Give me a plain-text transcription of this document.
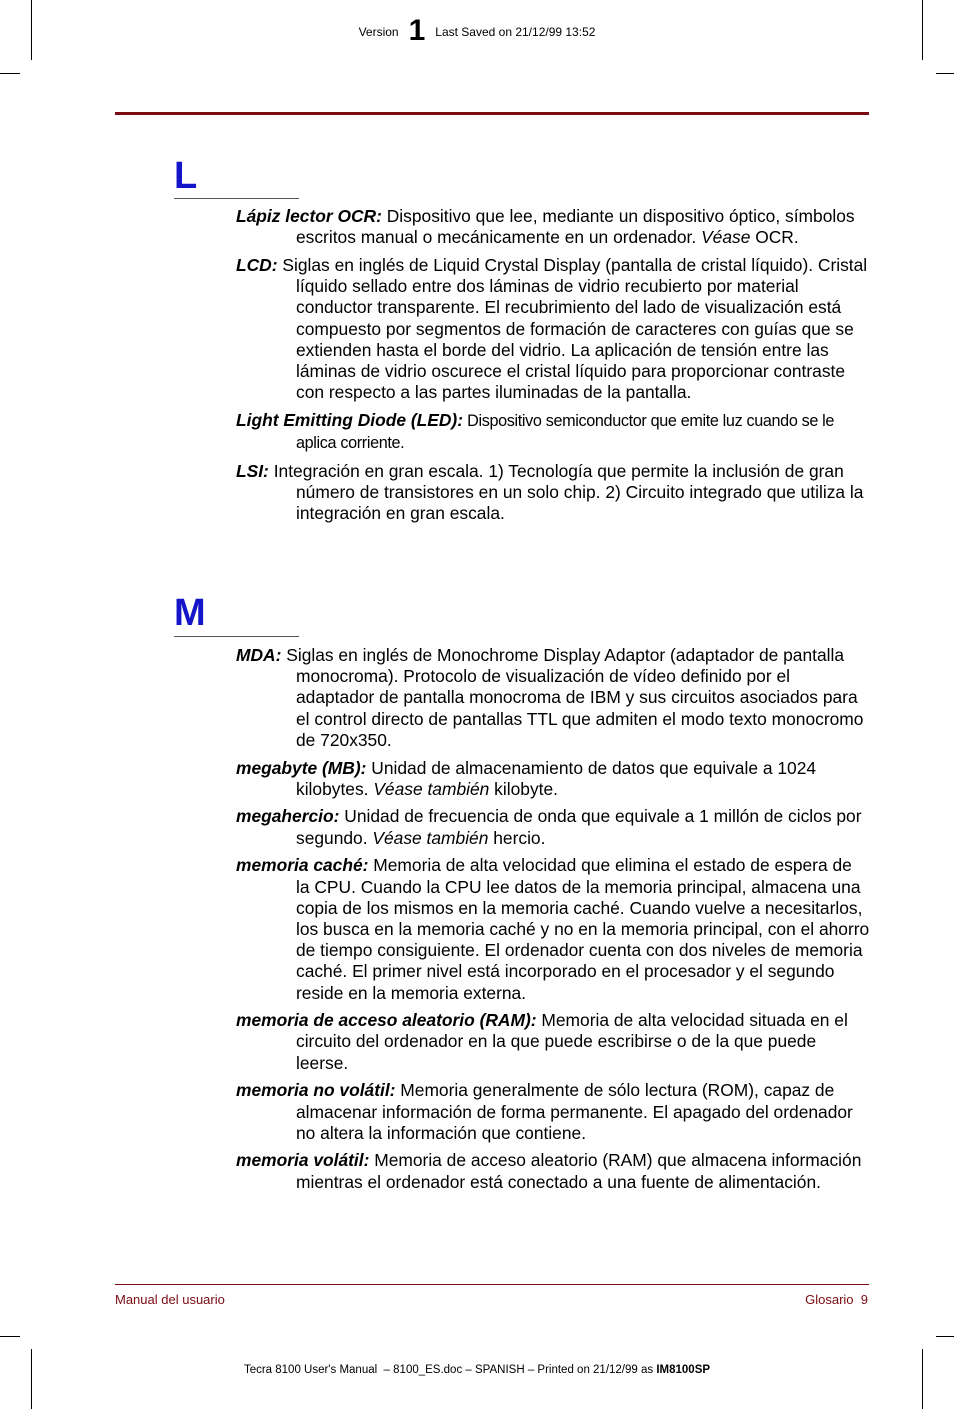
Version 1 Last Saved on 21/12/99 13:52
L

Lápiz lector OCR: Dispositivo que lee, mediante un dispositivo óptico, símbolos escritos manual o mecánicamente en un ordenador. Véase OCR.

LCD: Siglas en inglés de Liquid Crystal Display (pantalla de cristal líquido). Cristal líquido sellado entre dos láminas de vidrio recubierto por material conductor transparente. El recubrimiento del lado de visualización está compuesto por segmentos de formación de caracteres con guías que se extienden hasta el borde del vidrio. La aplicación de tensión entre las láminas de vidrio oscurece el cristal líquido para proporcionar contraste con respecto a las partes iluminadas de la pantalla.

Light Emitting Diode (LED): Dispositivo semiconductor que emite luz cuando se le aplica corriente.

LSI: Integración en gran escala. 1) Tecnología que permite la inclusión de gran número de transistores en un solo chip. 2) Circuito integrado que utiliza la integración en gran escala.

M

MDA: Siglas en inglés de Monochrome Display Adaptor (adaptador de pantalla monocroma). Protocolo de visualización de vídeo definido por el adaptador de pantalla monocroma de IBM y sus circuitos asociados para el control directo de pantallas TTL que admiten el modo texto monocromo de 720x350.

megabyte (MB): Unidad de almacenamiento de datos que equivale a 1024 kilobytes. Véase también kilobyte.

megahercio: Unidad de frecuencia de onda que equivale a 1 millón de ciclos por segundo. Véase también hercio.

memoria caché: Memoria de alta velocidad que elimina el estado de espera de la CPU. Cuando la CPU lee datos de la memoria principal, almacena una copia de los mismos en la memoria caché. Cuando vuelve a necesitarlos, los busca en la memoria caché y no en la memoria principal, con el ahorro de tiempo consiguiente. El ordenador cuenta con dos niveles de memoria caché. El primer nivel está incorporado en el procesador y el segundo reside en la memoria externa.

memoria de acceso aleatorio (RAM): Memoria de alta velocidad situada en el circuito del ordenador en la que puede escribirse o de la que puede leerse.

memoria no volátil: Memoria generalmente de sólo lectura (ROM), capaz de almacenar información de forma permanente. El apagado del ordenador no altera la información que contiene.

memoria volátil: Memoria de acceso aleatorio (RAM) que almacena información mientras el ordenador está conectado a una fuente de alimentación.

Manual del usuario	Glosario  9
Tecra 8100 User's Manual  – 8100_ES.doc – SPANISH – Printed on 21/12/99 as IM8100SP
